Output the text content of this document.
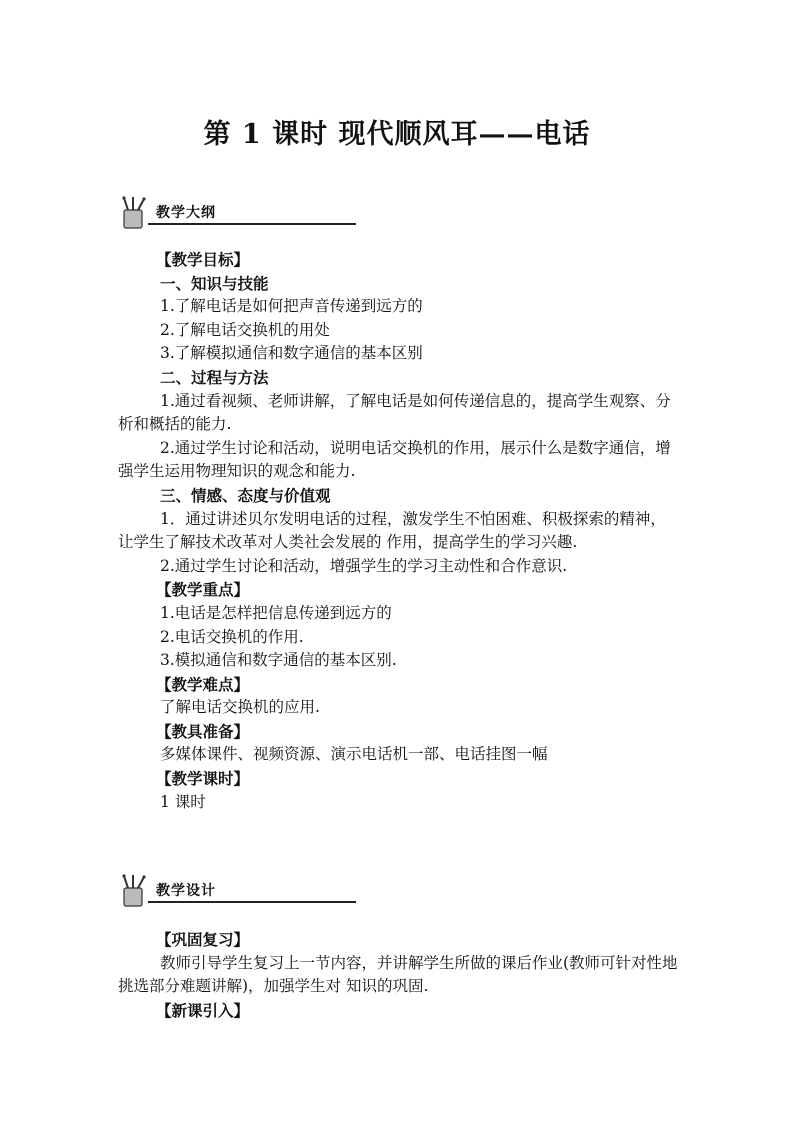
第 1 课时 现代顺风耳——电话
教学大纲

【教学目标】

一、知识与技能

1.了解电话是如何把声音传递到远方的

2.了解电话交换机的用处

3.了解模拟通信和数字通信的基本区别

二、过程与方法

1.通过看视频、老师讲解，了解电话是如何传递信息的，提高学生观察、分析和概括的能力.

2.通过学生讨论和活动，说明电话交换机的作用，展示什么是数字通信，增强学生运用物理知识的观念和能力.

三、情感、态度与价值观

1．通过讲述贝尔发明电话的过程，激发学生不怕困难、积极探索的精神，让学生了解技术改革对人类社会发展的 作用，提高学生的学习兴趣.

2.通过学生讨论和活动，增强学生的学习主动性和合作意识.

【教学重点】

1.电话是怎样把信息传递到远方的

2.电话交换机的作用.

3.模拟通信和数字通信的基本区别.

【教学难点】

了解电话交换机的应用.

【教具准备】

多媒体课件、视频资源、演示电话机一部、电话挂图一幅

【教学课时】

1 课时

教学设计

【巩固复习】

教师引导学生复习上一节内容，并讲解学生所做的课后作业(教师可针对性地挑选部分难题讲解)，加强学生对 知识的巩固.

【新课引入】
